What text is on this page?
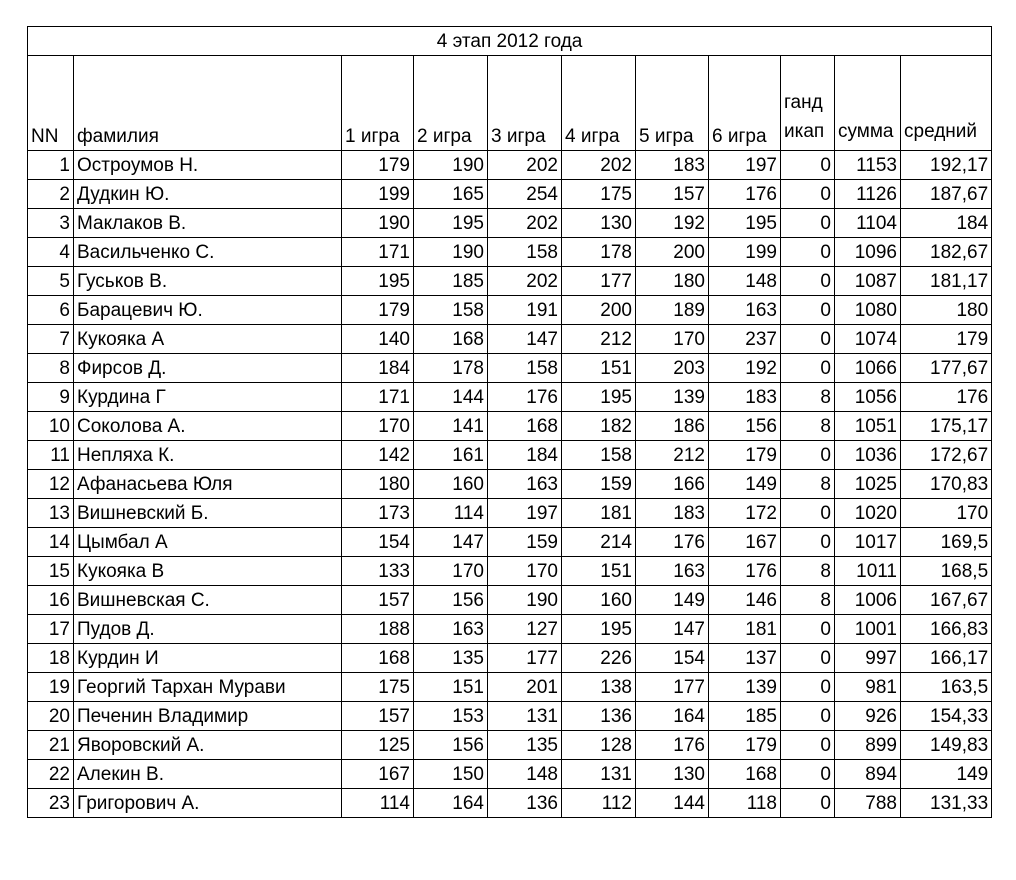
4 этап 2012 года										
NN	фамилия	1 игра	2 игра	3 игра	4 игра	5 игра	6 игра	гандикап	сумма	средний
1	Остроумов Н.	179	190	202	202	183	197	0	1153	192,17
2	Дудкин Ю.	199	165	254	175	157	176	0	1126	187,67
3	Маклаков В.	190	195	202	130	192	195	0	1104	184
4	Васильченко С.	171	190	158	178	200	199	0	1096	182,67
5	Гуськов В.	195	185	202	177	180	148	0	1087	181,17
6	Барацевич Ю.	179	158	191	200	189	163	0	1080	180
7	Кукояка А	140	168	147	212	170	237	0	1074	179
8	Фирсов Д.	184	178	158	151	203	192	0	1066	177,67
9	Курдина Г	171	144	176	195	139	183	8	1056	176
10	Соколова А.	170	141	168	182	186	156	8	1051	175,17
11	Непляха К.	142	161	184	158	212	179	0	1036	172,67
12	Афанасьева Юля	180	160	163	159	166	149	8	1025	170,83
13	Вишневский Б.	173	114	197	181	183	172	0	1020	170
14	Цымбал А	154	147	159	214	176	167	0	1017	169,5
15	Кукояка В	133	170	170	151	163	176	8	1011	168,5
16	Вишневская С.	157	156	190	160	149	146	8	1006	167,67
17	Пудов Д.	188	163	127	195	147	181	0	1001	166,83
18	Курдин И	168	135	177	226	154	137	0	997	166,17
19	Георгий Тархан Мурави	175	151	201	138	177	139	0	981	163,5
20	Печенин Владимир	157	153	131	136	164	185	0	926	154,33
21	Яворовский А.	125	156	135	128	176	179	0	899	149,83
22	Алекин В.	167	150	148	131	130	168	0	894	149
23	Григорович А.	114	164	136	112	144	118	0	788	131,33
